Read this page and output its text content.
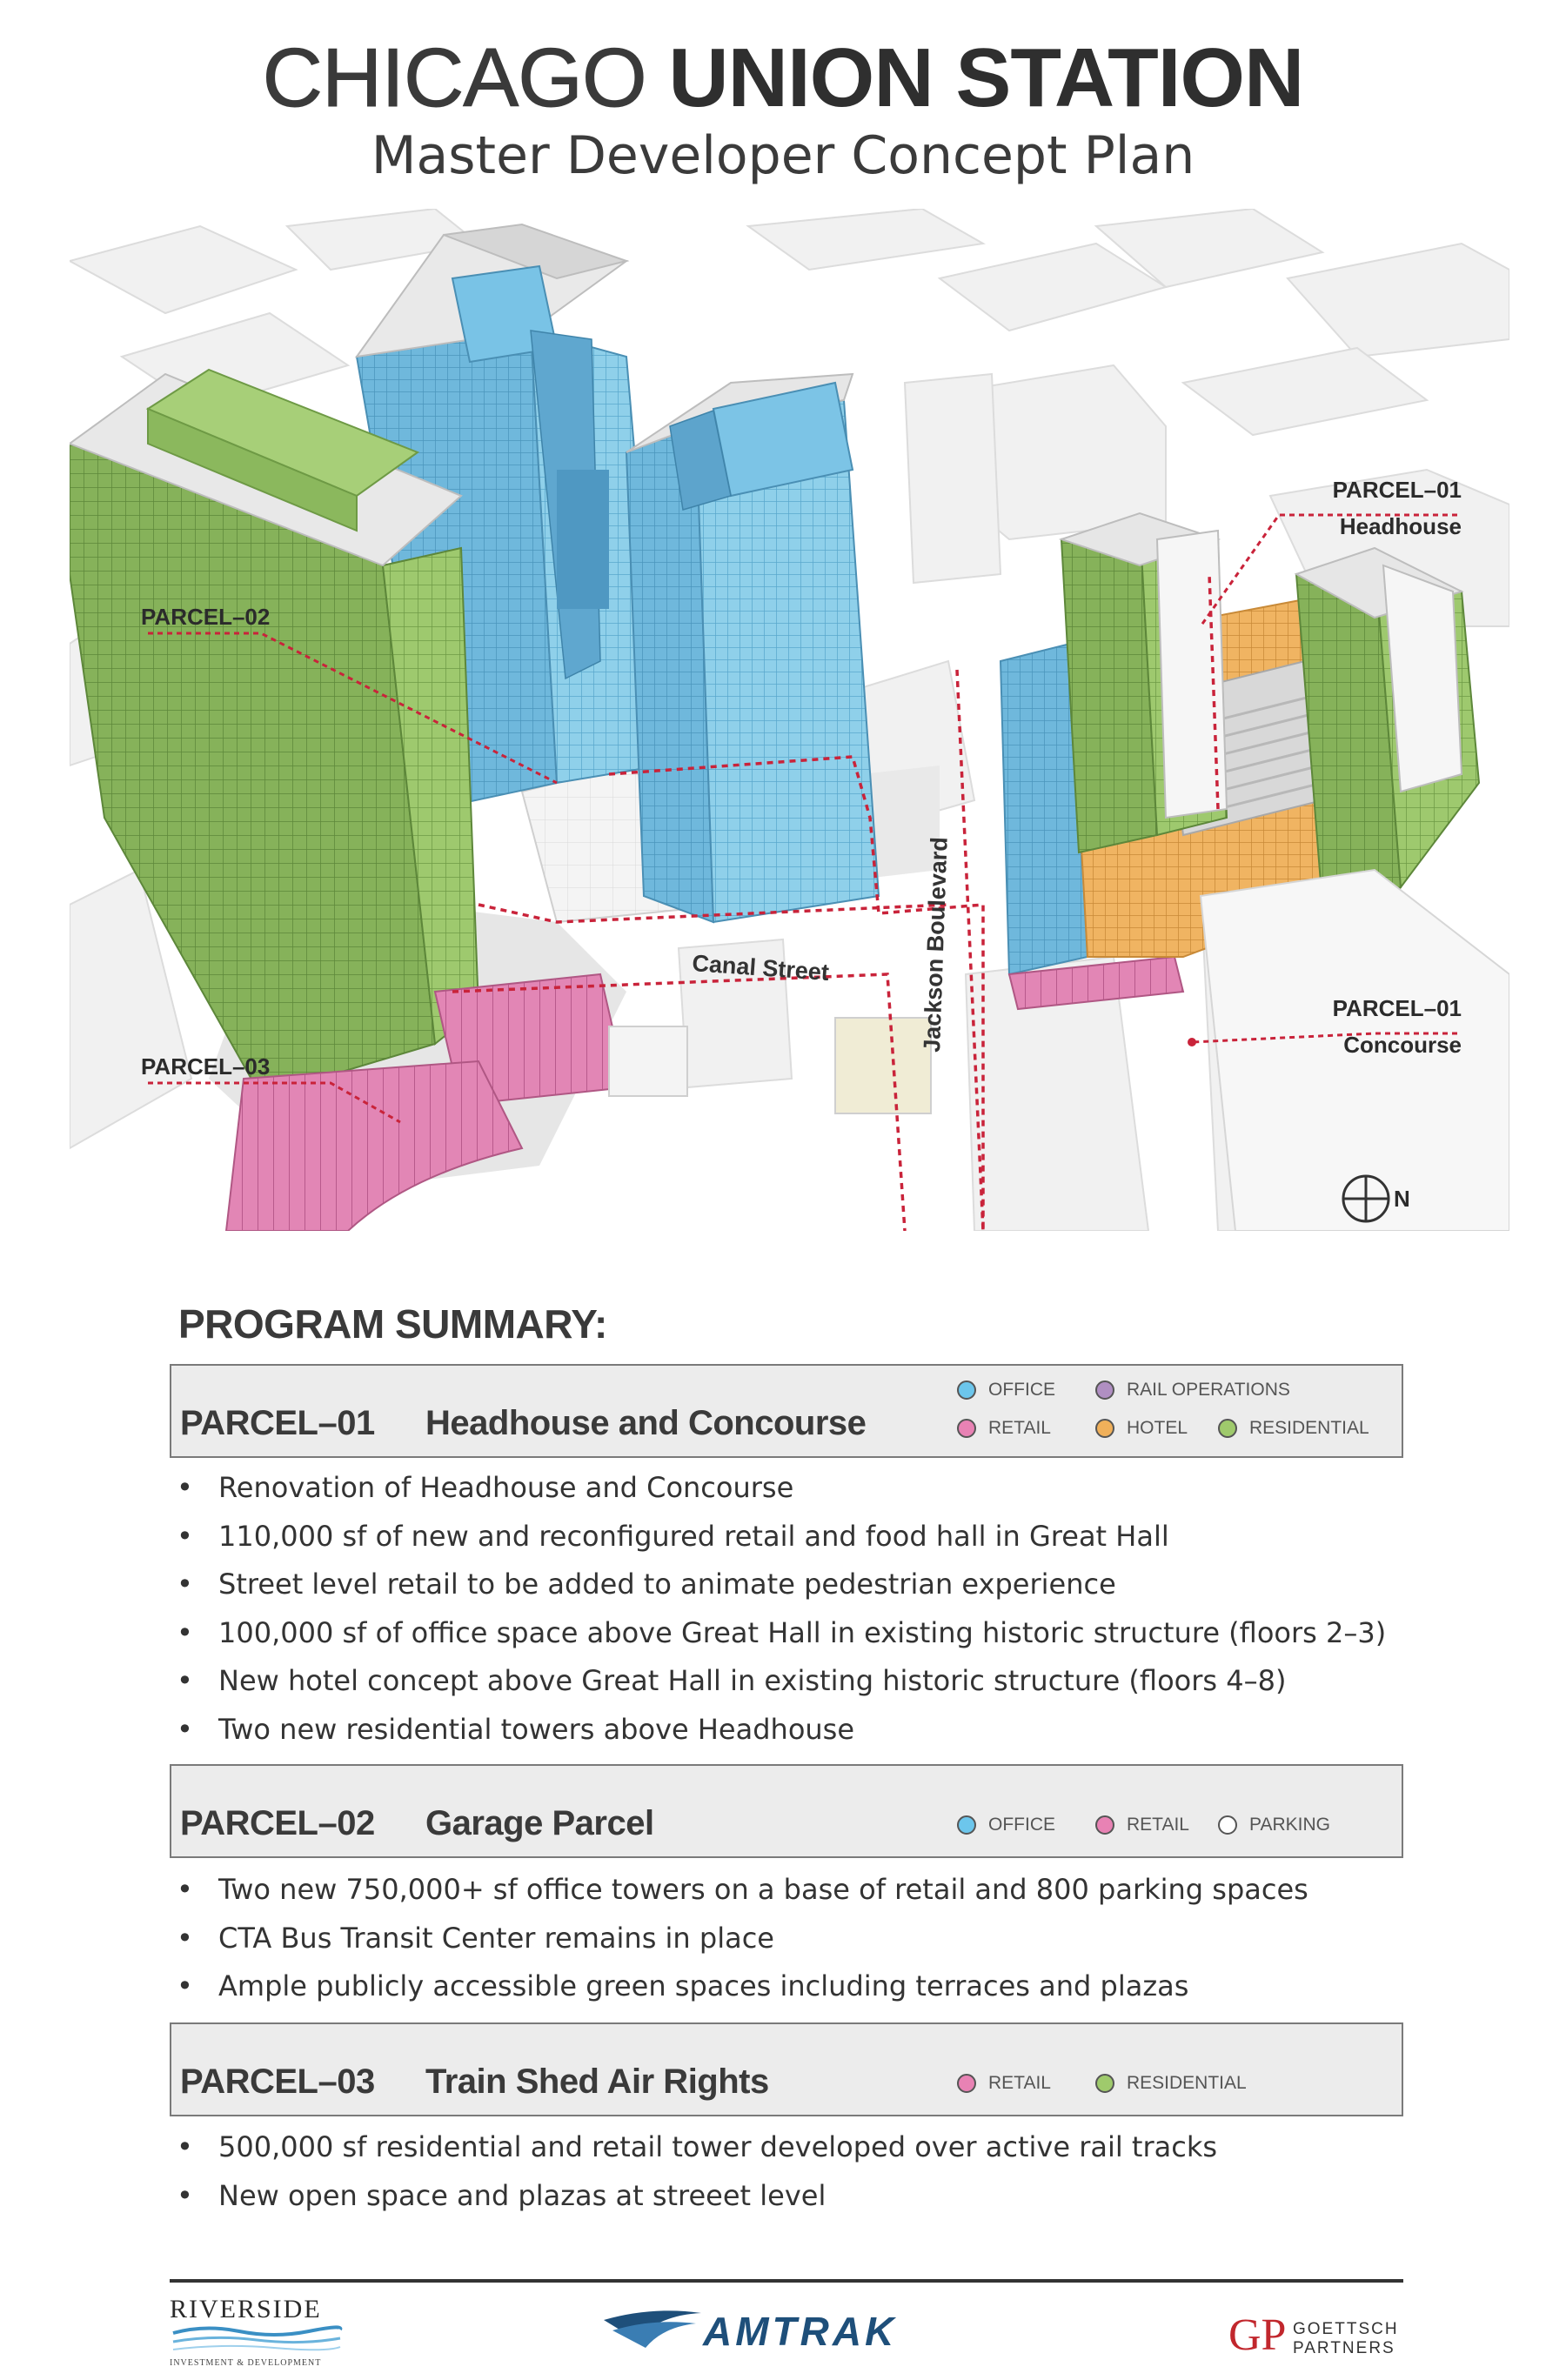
CHICAGO UNION STATION
Master Developer Concept Plan
Canal Street	Jackson Boulevard
PARCEL–01
Headhouse
PARCEL–02
PARCEL–01
Concourse
PARCEL–03
N
PROGRAM SUMMARY:
PARCEL–01 Headhouse and Concourse
OFFICE	RAIL OPERATIONS
RETAIL	HOTEL	RESIDENTIAL
• Renovation of Headhouse and Concourse
• 110,000 sf of new and reconfigured retail and food hall in Great Hall
• Street level retail to be added to animate pedestrian experience
• 100,000 sf of office space above Great Hall in existing historic structure (floors 2–3)
• New hotel concept above Great Hall in existing historic structure (floors 4–8)
• Two new residential towers above Headhouse
PARCEL–02 Garage Parcel	OFFICE	RETAIL	PARKING
• Two new 750,000+ sf office towers on a base of retail and 800 parking spaces
• CTA Bus Transit Center remains in place
• Ample publicly accessible green spaces including terraces and plazas
PARCEL–03 Train Shed Air Rights	RETAIL	RESIDENTIAL
• 500,000 sf residential and retail tower developed over active rail tracks
• New open space and plazas at streeet level
RIVERSIDE
INVESTMENT & DEVELOPMENT
AMTRAK	GP GOETTSCH
PARTNERS
